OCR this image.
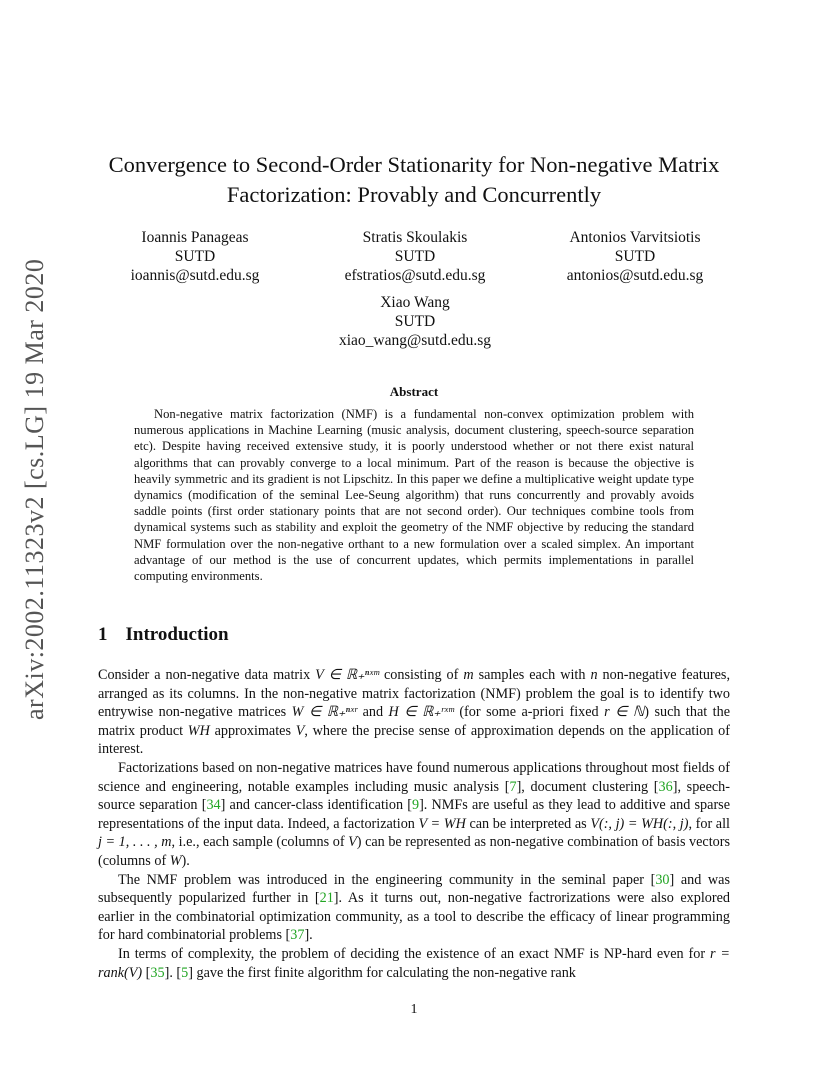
arXiv:2002.11323v2 [cs.LG] 19 Mar 2020
Convergence to Second-Order Stationarity for Non-negative Matrix Factorization: Provably and Concurrently
Ioannis Panageas
SUTD
ioannis@sutd.edu.sg
Stratis Skoulakis
SUTD
efstratios@sutd.edu.sg
Antonios Varvitsiotis
SUTD
antonios@sutd.edu.sg
Xiao Wang
SUTD
xiao_wang@sutd.edu.sg
Abstract
Non-negative matrix factorization (NMF) is a fundamental non-convex optimization problem with numerous applications in Machine Learning (music analysis, document clustering, speech-source separation etc). Despite having received extensive study, it is poorly understood whether or not there exist natural algorithms that can provably converge to a local minimum. Part of the reason is because the objective is heavily symmetric and its gradient is not Lipschitz. In this paper we define a multiplicative weight update type dynamics (modification of the seminal Lee-Seung algorithm) that runs concurrently and provably avoids saddle points (first order stationary points that are not second order). Our techniques combine tools from dynamical systems such as stability and exploit the geometry of the NMF objective by reducing the standard NMF formulation over the non-negative orthant to a new formulation over a scaled simplex. An important advantage of our method is the use of concurrent updates, which permits implementations in parallel computing environments.
1 Introduction

Consider a non-negative data matrix V ∈ ℝ₊ⁿˣᵐ consisting of m samples each with n non-negative features, arranged as its columns. In the non-negative matrix factorization (NMF) problem the goal is to identify two entrywise non-negative matrices W ∈ ℝ₊ⁿˣʳ and H ∈ ℝ₊ʳˣᵐ (for some a-priori fixed r ∈ ℕ) such that the matrix product WH approximates V, where the precise sense of approximation depends on the application of interest.

Factorizations based on non-negative matrices have found numerous applications throughout most fields of science and engineering, notable examples including music analysis [7], document clustering [36], speech-source separation [34] and cancer-class identification [9]. NMFs are useful as they lead to additive and sparse representations of the input data. Indeed, a factorization V = WH can be interpreted as V(:, j) = WH(:, j), for all j = 1, . . . , m, i.e., each sample (columns of V) can be represented as non-negative combination of basis vectors (columns of W).

The NMF problem was introduced in the engineering community in the seminal paper [30] and was subsequently popularized further in [21]. As it turns out, non-negative factrorizations were also explored earlier in the combinatorial optimization community, as a tool to describe the efficacy of linear programming for hard combinatorial problems [37].

In terms of complexity, the problem of deciding the existence of an exact NMF is NP-hard even for r = rank(V) [35]. [5] gave the first finite algorithm for calculating the non-negative rank

1
